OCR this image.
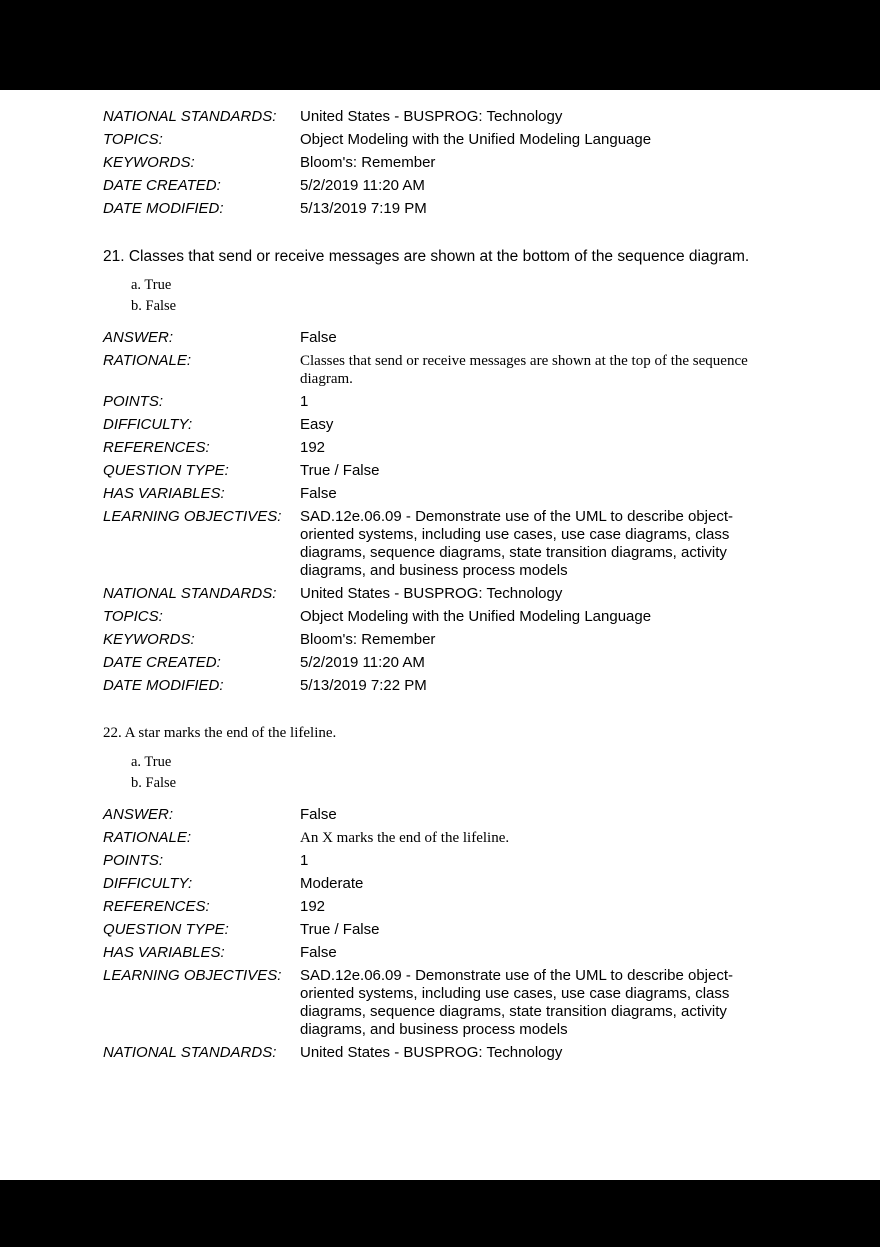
NATIONAL STANDARDS:	United States - BUSPROG: Technology
TOPICS:	Object Modeling with the Unified Modeling Language
KEYWORDS:	Bloom's: Remember
DATE CREATED:	5/2/2019 11:20 AM
DATE MODIFIED:	5/13/2019 7:19 PM
21. Classes that send or receive messages are shown at the bottom of the sequence diagram.
a. True
b. False
ANSWER:	False
RATIONALE:	Classes that send or receive messages are shown at the top of the sequence diagram.
POINTS:	1
DIFFICULTY:	Easy
REFERENCES:	192
QUESTION TYPE:	True / False
HAS VARIABLES:	False
LEARNING OBJECTIVES:	SAD.12e.06.09 - Demonstrate use of the UML to describe object-oriented systems, including use cases, use case diagrams, class diagrams, sequence diagrams, state transition diagrams, activity diagrams, and business process models
NATIONAL STANDARDS:	United States - BUSPROG: Technology
TOPICS:	Object Modeling with the Unified Modeling Language
KEYWORDS:	Bloom's: Remember
DATE CREATED:	5/2/2019 11:20 AM
DATE MODIFIED:	5/13/2019 7:22 PM
22. A star marks the end of the lifeline.
a. True
b. False
ANSWER:	False
RATIONALE:	An X marks the end of the lifeline.
POINTS:	1
DIFFICULTY:	Moderate
REFERENCES:	192
QUESTION TYPE:	True / False
HAS VARIABLES:	False
LEARNING OBJECTIVES:	SAD.12e.06.09 - Demonstrate use of the UML to describe object-oriented systems, including use cases, use case diagrams, class diagrams, sequence diagrams, state transition diagrams, activity diagrams, and business process models
NATIONAL STANDARDS:	United States - BUSPROG: Technology
